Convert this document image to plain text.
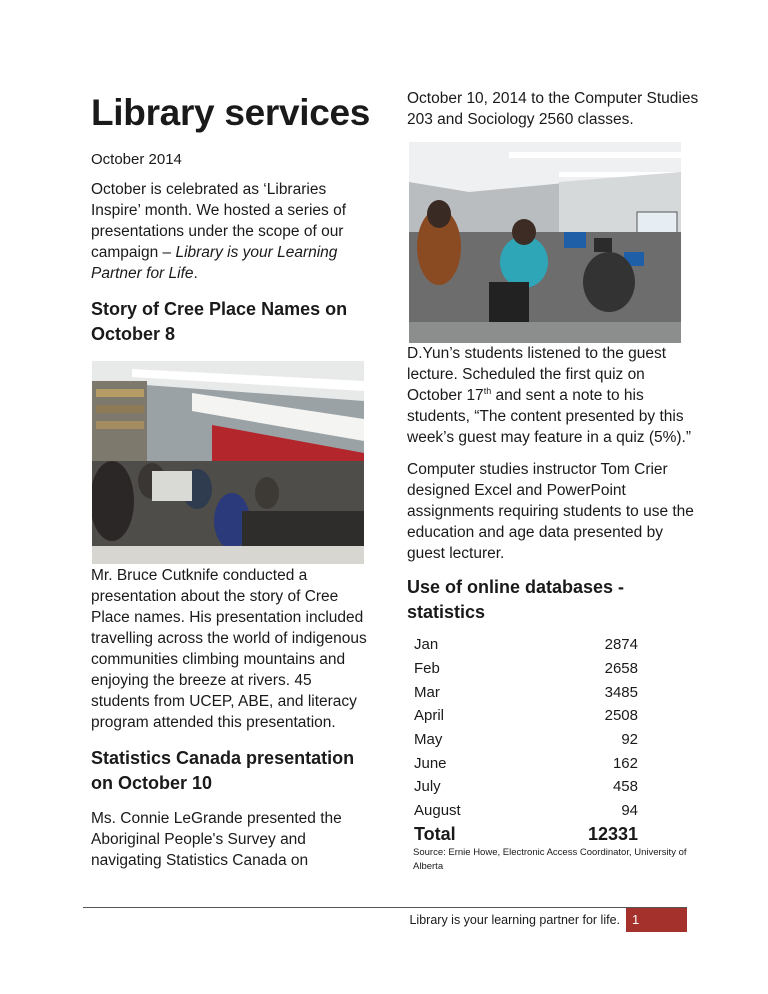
Library services
October 2014

October is celebrated as ‘Libraries Inspire’ month. We hosted a series of presentations under the scope of our campaign – Library is your Learning Partner for Life.

Story of Cree Place Names on October 8

Mr. Bruce Cutknife conducted a presentation about the story of Cree Place names. His presentation included travelling across the world of indigenous communities climbing mountains and enjoying the breeze at rivers. 45 students from UCEP, ABE, and literacy program attended this presentation.

Statistics Canada presentation on October 10

Ms. Connie LeGrande presented the Aboriginal People's Survey and navigating Statistics Canada on

October 10, 2014 to the Computer Studies 203 and Sociology 2560 classes.

D.Yun’s students listened to the guest lecture. Scheduled the first quiz on October 17th and sent a note to his students, “The content presented by this week’s guest may feature in a quiz (5%).”

Computer studies instructor Tom Crier designed Excel and PowerPoint assignments requiring students to use the education and age data presented by guest lecturer.

Use of online databases - statistics
Jan	2874
Feb	2658
Mar	3485
April	2508
May	92
June	162
July	458
August	94
Total	12331
Source: Ernie Howe, Electronic Access Coordinator, University of Alberta
Library is your learning partner for life. 1
